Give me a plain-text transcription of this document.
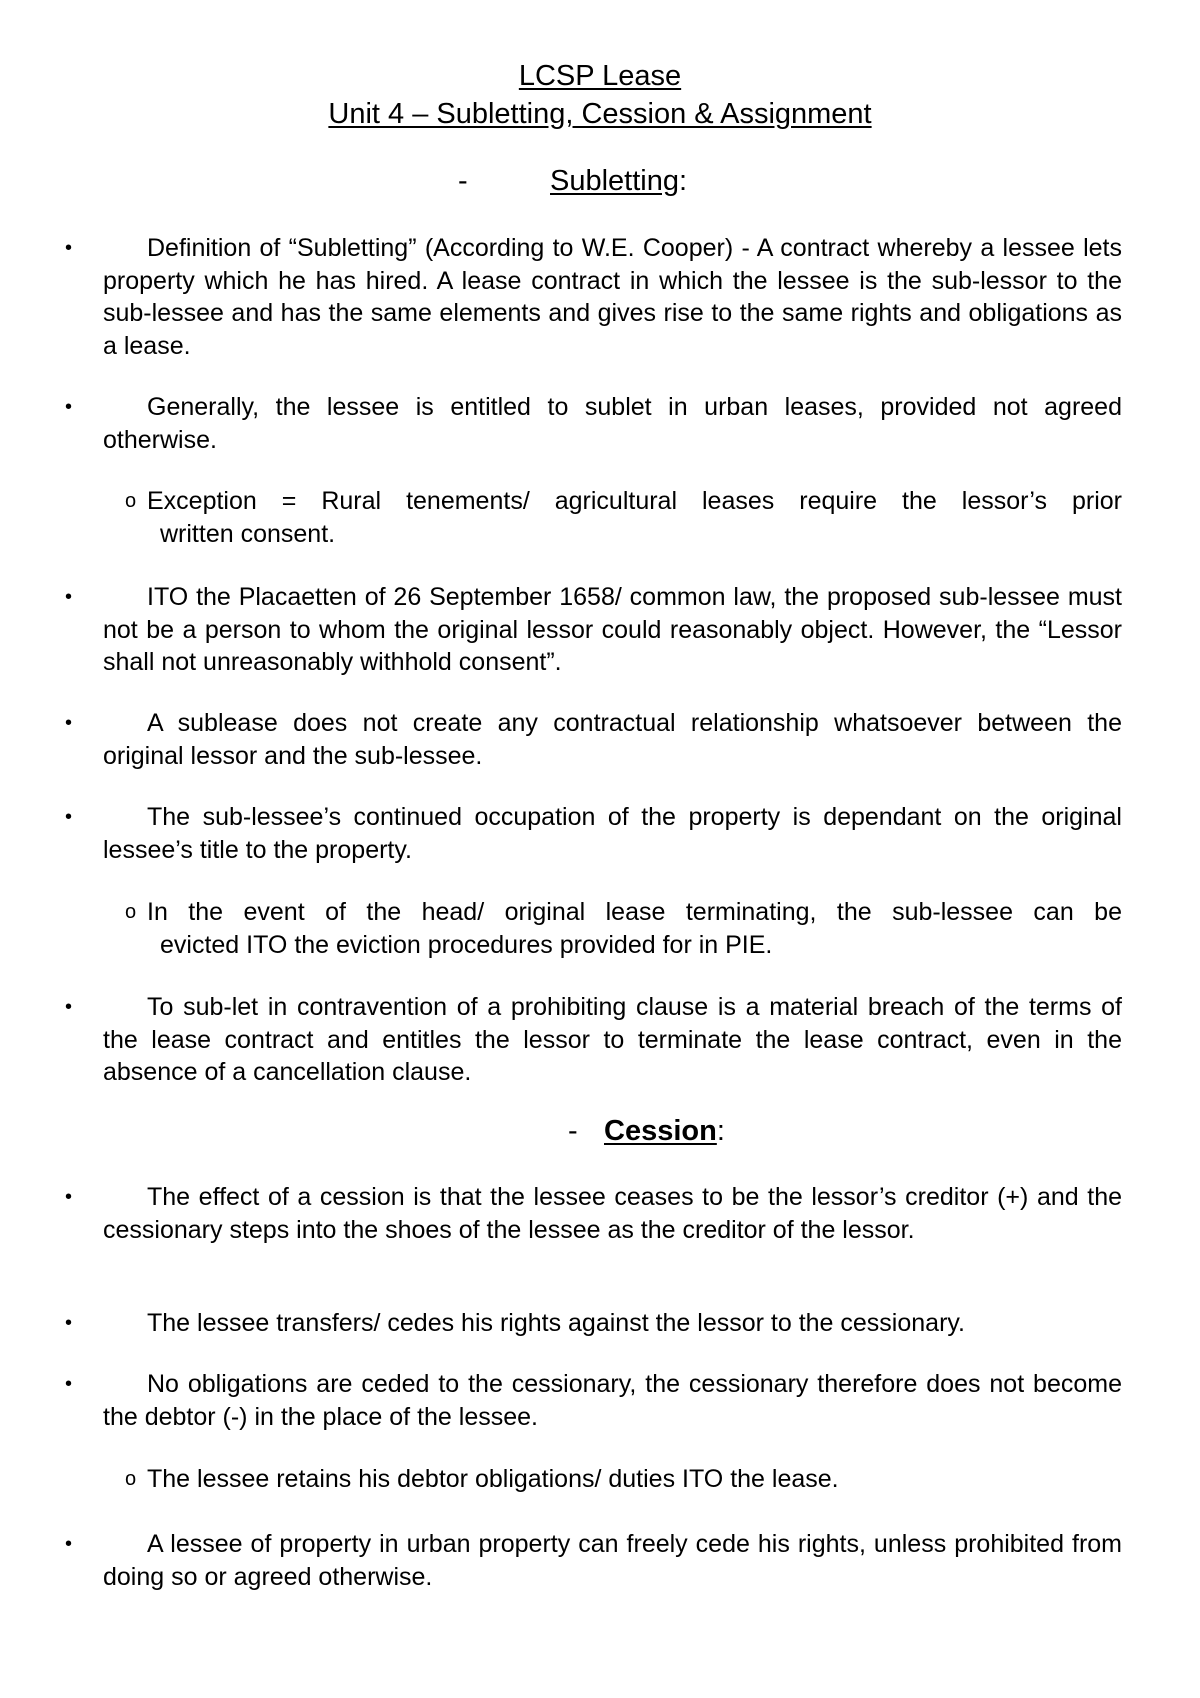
LCSP Lease
Unit 4 – Subletting, Cession & Assignment
-	Subletting:
•	Definition of “Subletting” (According to W.E. Cooper) - A contract whereby a lessee lets property which he has hired. A lease contract in which the lessee is the sub-lessor to the sub-lessee and has the same elements and gives rise to the same rights and obligations as a lease.
•	Generally, the lessee is entitled to sublet in urban leases, provided not agreed otherwise.
o Exception = Rural tenements/ agricultural leases require the lessor’s prior
written consent.
•	ITO the Placaetten of 26 September 1658/ common law, the proposed sub-lessee must not be a person to whom the original lessor could reasonably object. However, the “Lessor shall not unreasonably withhold consent”.
•	A sublease does not create any contractual relationship whatsoever between the original lessor and the sub-lessee.
•	The sub-lessee’s continued occupation of the property is dependant on the original lessee’s title to the property.
o In the event of the head/ original lease terminating, the sub-lessee can be
evicted ITO the eviction procedures provided for in PIE.
•	To sub-let in contravention of a prohibiting clause is a material breach of the terms of the lease contract and entitles the lessor to terminate the lease contract, even in the absence of a cancellation clause.
- Cession:
•	The effect of a cession is that the lessee ceases to be the lessor’s creditor (+) and the cessionary steps into the shoes of the lessee as the creditor of the lessor.
•	The lessee transfers/ cedes his rights against the lessor to the cessionary.
•	No obligations are ceded to the cessionary, the cessionary therefore does not become the debtor (-) in the place of the lessee.
o The lessee retains his debtor obligations/ duties ITO the lease.
•	A lessee of property in urban property can freely cede his rights, unless prohibited from doing so or agreed otherwise.
